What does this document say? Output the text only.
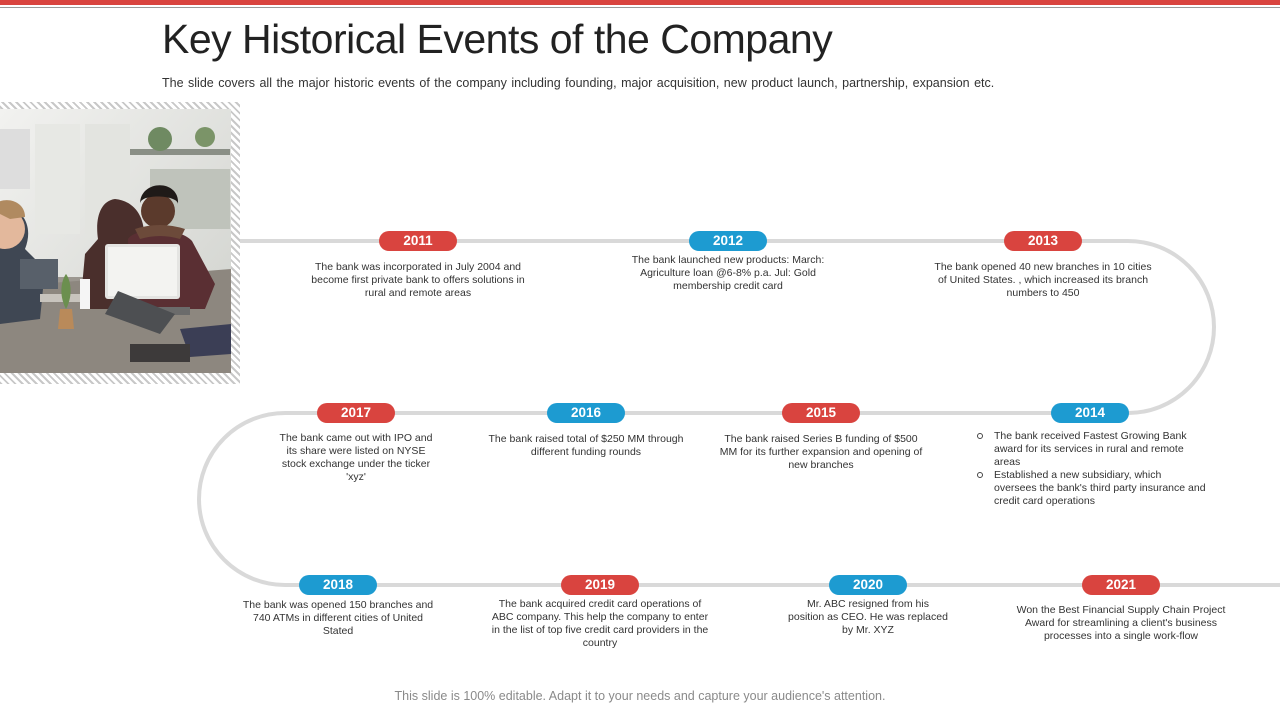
Key Historical Events of the Company
The slide covers all the major historic events of the company including founding, major acquisition, new product launch, partnership, expansion etc.
2011
The bank was incorporated in July 2004 and become first private bank to offers solutions in rural and remote areas
2012
The bank launched new products: March: Agriculture loan @6-8% p.a. Jul: Gold membership credit card
2013
The bank opened 40 new branches in 10 cities of United States. , which increased its branch numbers to 450
2014
The bank received Fastest Growing Bank award for its services in rural and remote areas
Established a new subsidiary, which oversees the bank's third party insurance and credit card operations
2015
The bank raised Series B funding of $500 MM for its further expansion and opening of new branches
2016
The bank raised total of $250 MM through different funding rounds
2017
The bank came out with IPO and its share were listed on NYSE stock exchange under the ticker 'xyz'
2018
The bank was opened 150 branches and 740 ATMs in different cities of United Stated
2019
The bank acquired credit card operations of ABC company. This help the company to enter in the list of top five credit card providers in the country
2020
Mr. ABC resigned from his position as CEO. He was replaced by Mr. XYZ
2021
Won the Best Financial Supply Chain Project Award for streamlining a client's business processes into a single work-flow
This slide is 100% editable. Adapt it to your needs and capture your audience's attention.
